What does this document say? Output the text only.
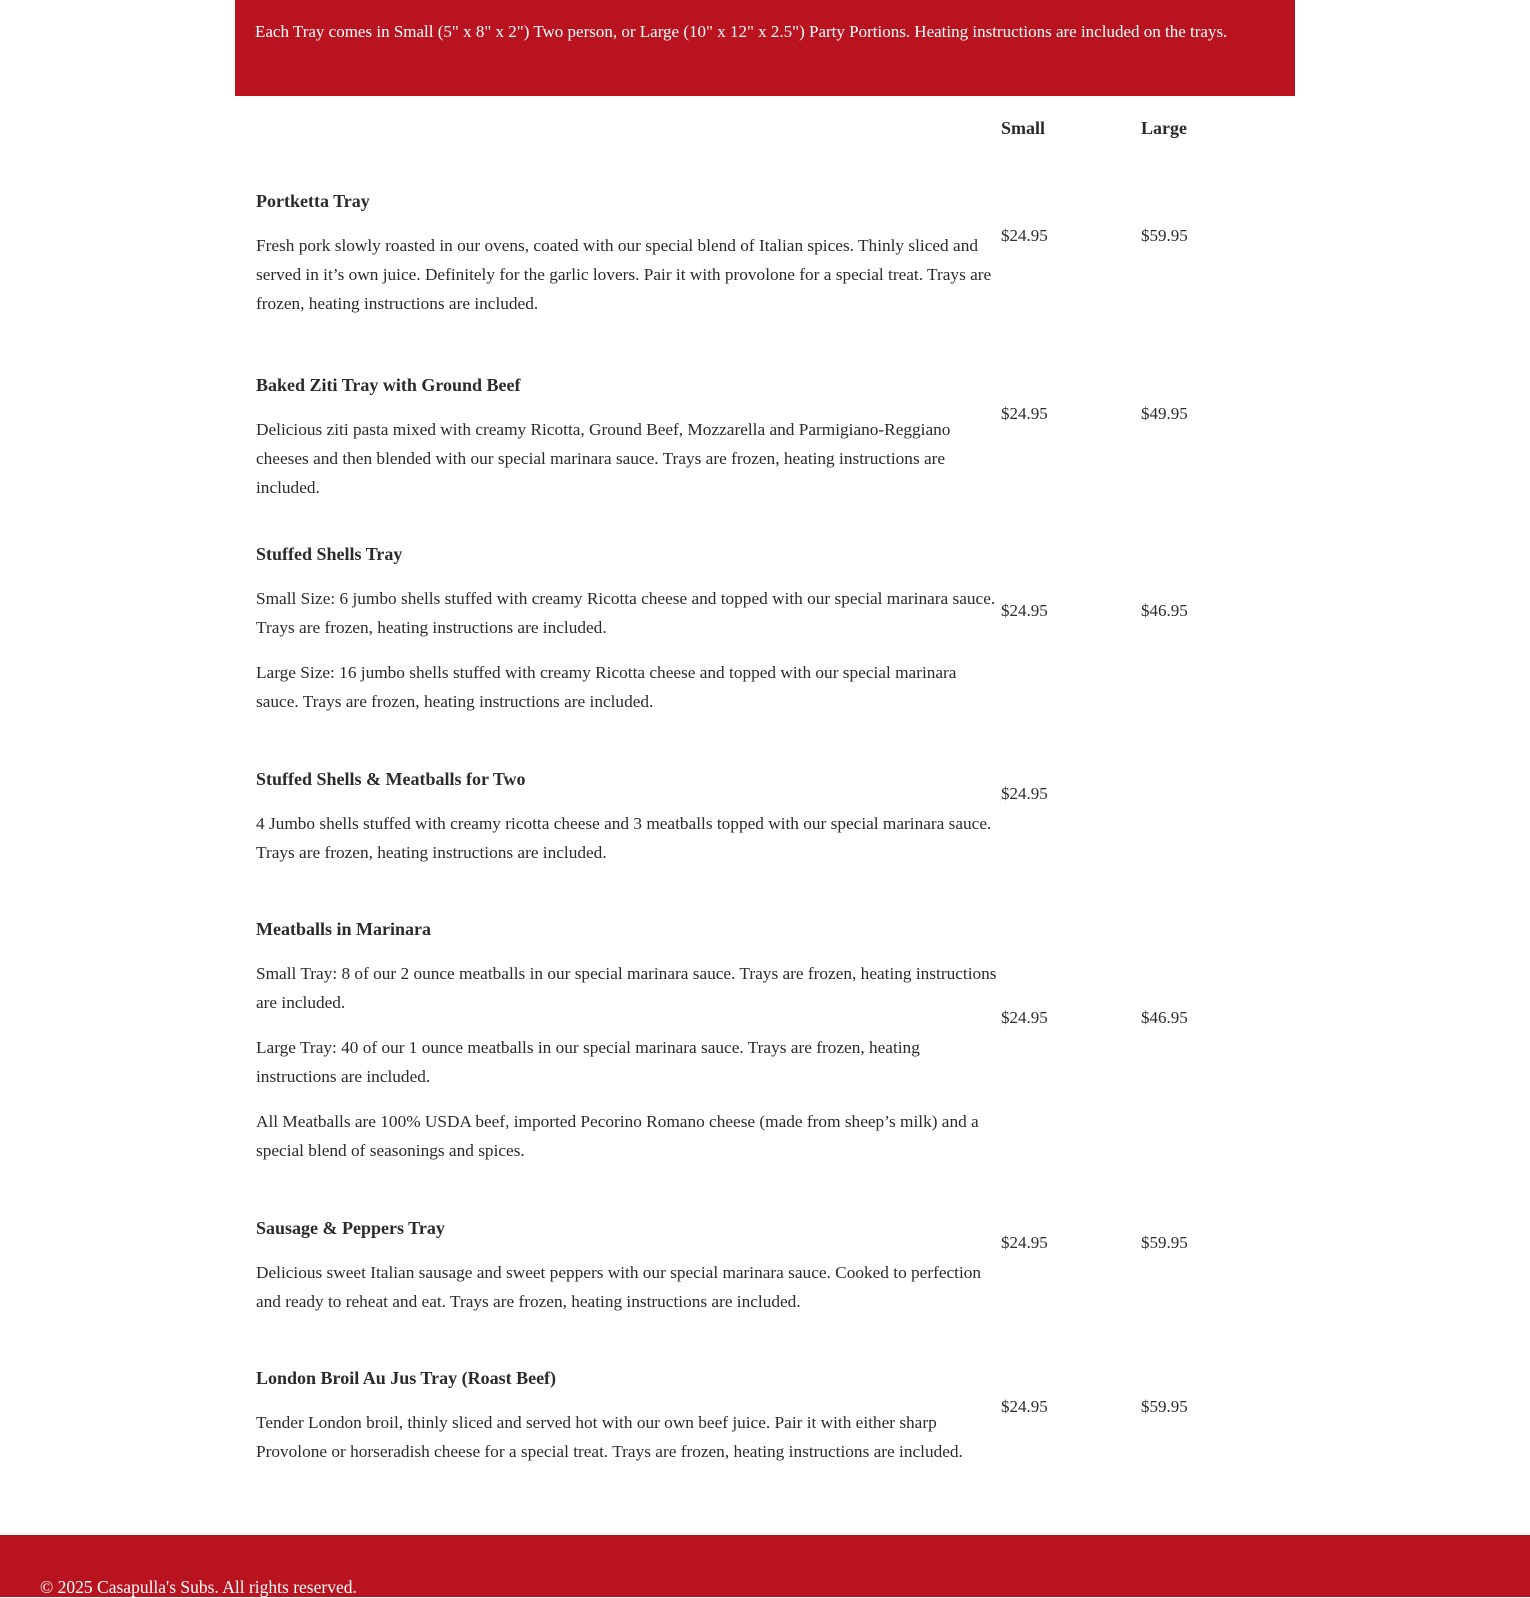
Each Tray comes in Small (5" x 8" x 2") Two person, or Large (10" x 12" x 2.5") Party Portions. Heating instructions are included on the trays.
Small	Large

Portketta Tray

Fresh pork slowly roasted in our ovens, coated with our special blend of Italian spices. Thinly sliced and served in it’s own juice. Definitely for the garlic lovers. Pair it with provolone for a special treat. Trays are frozen, heating instructions are included.

$24.95	$59.95

Baked Ziti Tray with Ground Beef

Delicious ziti pasta mixed with creamy Ricotta, Ground Beef, Mozzarella and Parmigiano-Reggiano cheeses and then blended with our special marinara sauce. Trays are frozen, heating instructions are included.

$24.95	$49.95

Stuffed Shells Tray

Small Size: 6 jumbo shells stuffed with creamy Ricotta cheese and topped with our special marinara sauce. Trays are frozen, heating instructions are included.

Large Size: 16 jumbo shells stuffed with creamy Ricotta cheese and topped with our special marinara sauce. Trays are frozen, heating instructions are included.

$24.95	$46.95

Stuffed Shells & Meatballs for Two

4 Jumbo shells stuffed with creamy ricotta cheese and 3 meatballs topped with our special marinara sauce. Trays are frozen, heating instructions are included.

$24.95

Meatballs in Marinara

Small Tray: 8 of our 2 ounce meatballs in our special marinara sauce. Trays are frozen, heating instructions are included.

Large Tray: 40 of our 1 ounce meatballs in our special marinara sauce. Trays are frozen, heating instructions are included.

All Meatballs are 100% USDA beef, imported Pecorino Romano cheese (made from sheep’s milk) and a special blend of seasonings and spices.

$24.95	$46.95

Sausage & Peppers Tray

Delicious sweet Italian sausage and sweet peppers with our special marinara sauce. Cooked to perfection and ready to reheat and eat. Trays are frozen, heating instructions are included.

$24.95	$59.95

London Broil Au Jus Tray (Roast Beef)

Tender London broil, thinly sliced and served hot with our own beef juice. Pair it with either sharp Provolone or horseradish cheese for a special treat. Trays are frozen, heating instructions are included.

$24.95	$59.95
© 2025 Casapulla's Subs. All rights reserved.
